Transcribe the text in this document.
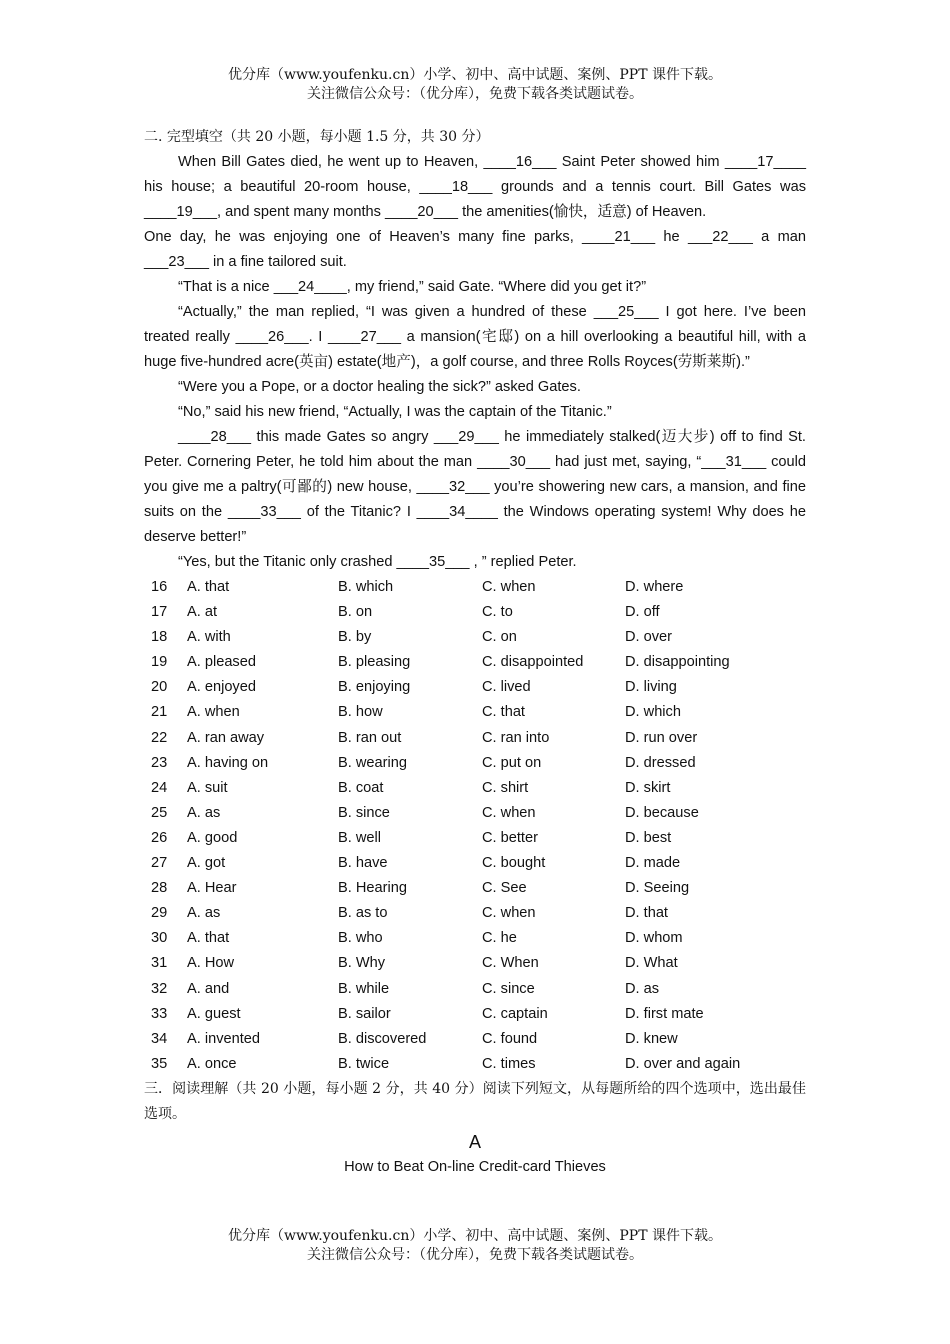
优分库（www.youfenku.cn）小学、初中、高中试题、案例、PPT 课件下载。
关注微信公众号：（优分库），免费下载各类试题试卷。
二. 完型填空（共 20 小题，每小题 1.5 分，共 30 分）
When Bill Gates died, he went up to Heaven, ____16___ Saint Peter showed him ____17____ his house; a beautiful 20-room house, ____18___ grounds and a tennis court. Bill Gates was ____19___, and spent many months ____20___ the amenities(愉快，适意) of Heaven.
One day, he was enjoying one of Heaven’s many fine parks, ____21___ he ___22___ a man ___23___ in a fine tailored suit.
“That is a nice ___24____, my friend,” said Gate. “Where did you get it?”
“Actually,” the man replied, “I was given a hundred of these ___25___ I got here. I’ve been treated really ____26___. I ____27___ a mansion(宅邸) on a hill overlooking a beautiful hill, with a huge five-hundred acre(英亩) estate(地产)，a golf course, and three Rolls Royces(劳斯莱斯).”
“Were you a Pope, or a doctor healing the sick?” asked Gates.
“No,” said his new friend, “Actually, I was the captain of the Titanic.”
____28___ this made Gates so angry ___29___ he immediately stalked(迈大步) off to find St. Peter. Cornering Peter, he told him about the man ____30___ had just met, saying, “___31___ could you give me a paltry(可鄙的) new house, ____32___ you’re showering new cars, a mansion, and fine suits on the ____33___ of the Titanic? I ____34____ the Windows operating system! Why does he deserve better!”
“Yes, but the Titanic only crashed ____35___ , ” replied Peter.
16 A. that	B. which	C. when	D. where
17 A. at	B. on	C. to	D. off
18 A. with	B. by	C. on	D. over
19 A. pleased	B. pleasing	C. disappointed	D. disappointing
20 A. enjoyed	B. enjoying	C. lived	D. living
21 A. when	B. how	C. that	D. which
22 A. ran away	B. ran out	C. ran into	D. run over
23 A. having on	B. wearing	C. put on	D. dressed
24 A. suit	B. coat	C. shirt	D. skirt
25 A. as	B. since	C. when	D. because
26 A. good	B. well	C. better	D. best
27 A. got	B. have	C. bought	D. made
28 A. Hear	B. Hearing	C. See	D. Seeing
29 A. as	B. as to	C. when	D. that
30 A. that	B. who	C. he	D. whom
31 A. How	B. Why	C. When	D. What
32 A. and	B. while	C. since	D. as
33 A. guest	B. sailor	C. captain	D. first mate
34 A. invented	B. discovered	C. found	D. knew
35 A. once	B. twice	C. times	D. over and again
三．阅读理解（共 20 小题，每小题 2 分，共 40 分）阅读下列短文，从每题所给的四个选项中，选出最佳选项。
A
How to Beat On-line Credit-card Thieves
优分库（www.youfenku.cn）小学、初中、高中试题、案例、PPT 课件下载。
关注微信公众号：（优分库），免费下载各类试题试卷。
